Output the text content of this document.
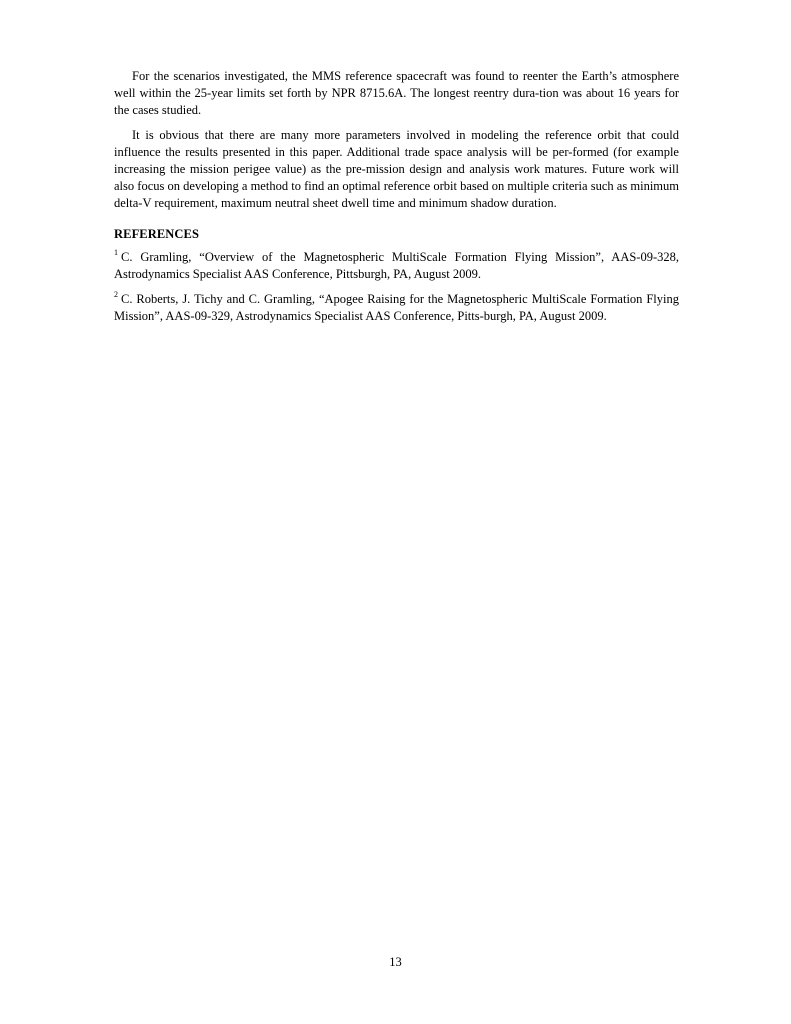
For the scenarios investigated, the MMS reference spacecraft was found to reenter the Earth’s atmosphere well within the 25-year limits set forth by NPR 8715.6A. The longest reentry dura-tion was about 16 years for the cases studied.

It is obvious that there are many more parameters involved in modeling the reference orbit that could influence the results presented in this paper. Additional trade space analysis will be per-formed (for example increasing the mission perigee value) as the pre-mission design and analysis work matures. Future work will also focus on developing a method to find an optimal reference orbit based on multiple criteria such as minimum delta-V requirement, maximum neutral sheet dwell time and minimum shadow duration.

REFERENCES

$^1$ C. Gramling, “Overview of the Magnetospheric MultiScale Formation Flying Mission”, AAS-09-328, Astrodynamics Specialist AAS Conference, Pittsburgh, PA, August 2009.

$^2$ C. Roberts, J. Tichy and C. Gramling, “Apogee Raising for the Magnetospheric MultiScale Formation Flying Mission”, AAS-09-329, Astrodynamics Specialist AAS Conference, Pitts-burgh, PA, August 2009.

13
